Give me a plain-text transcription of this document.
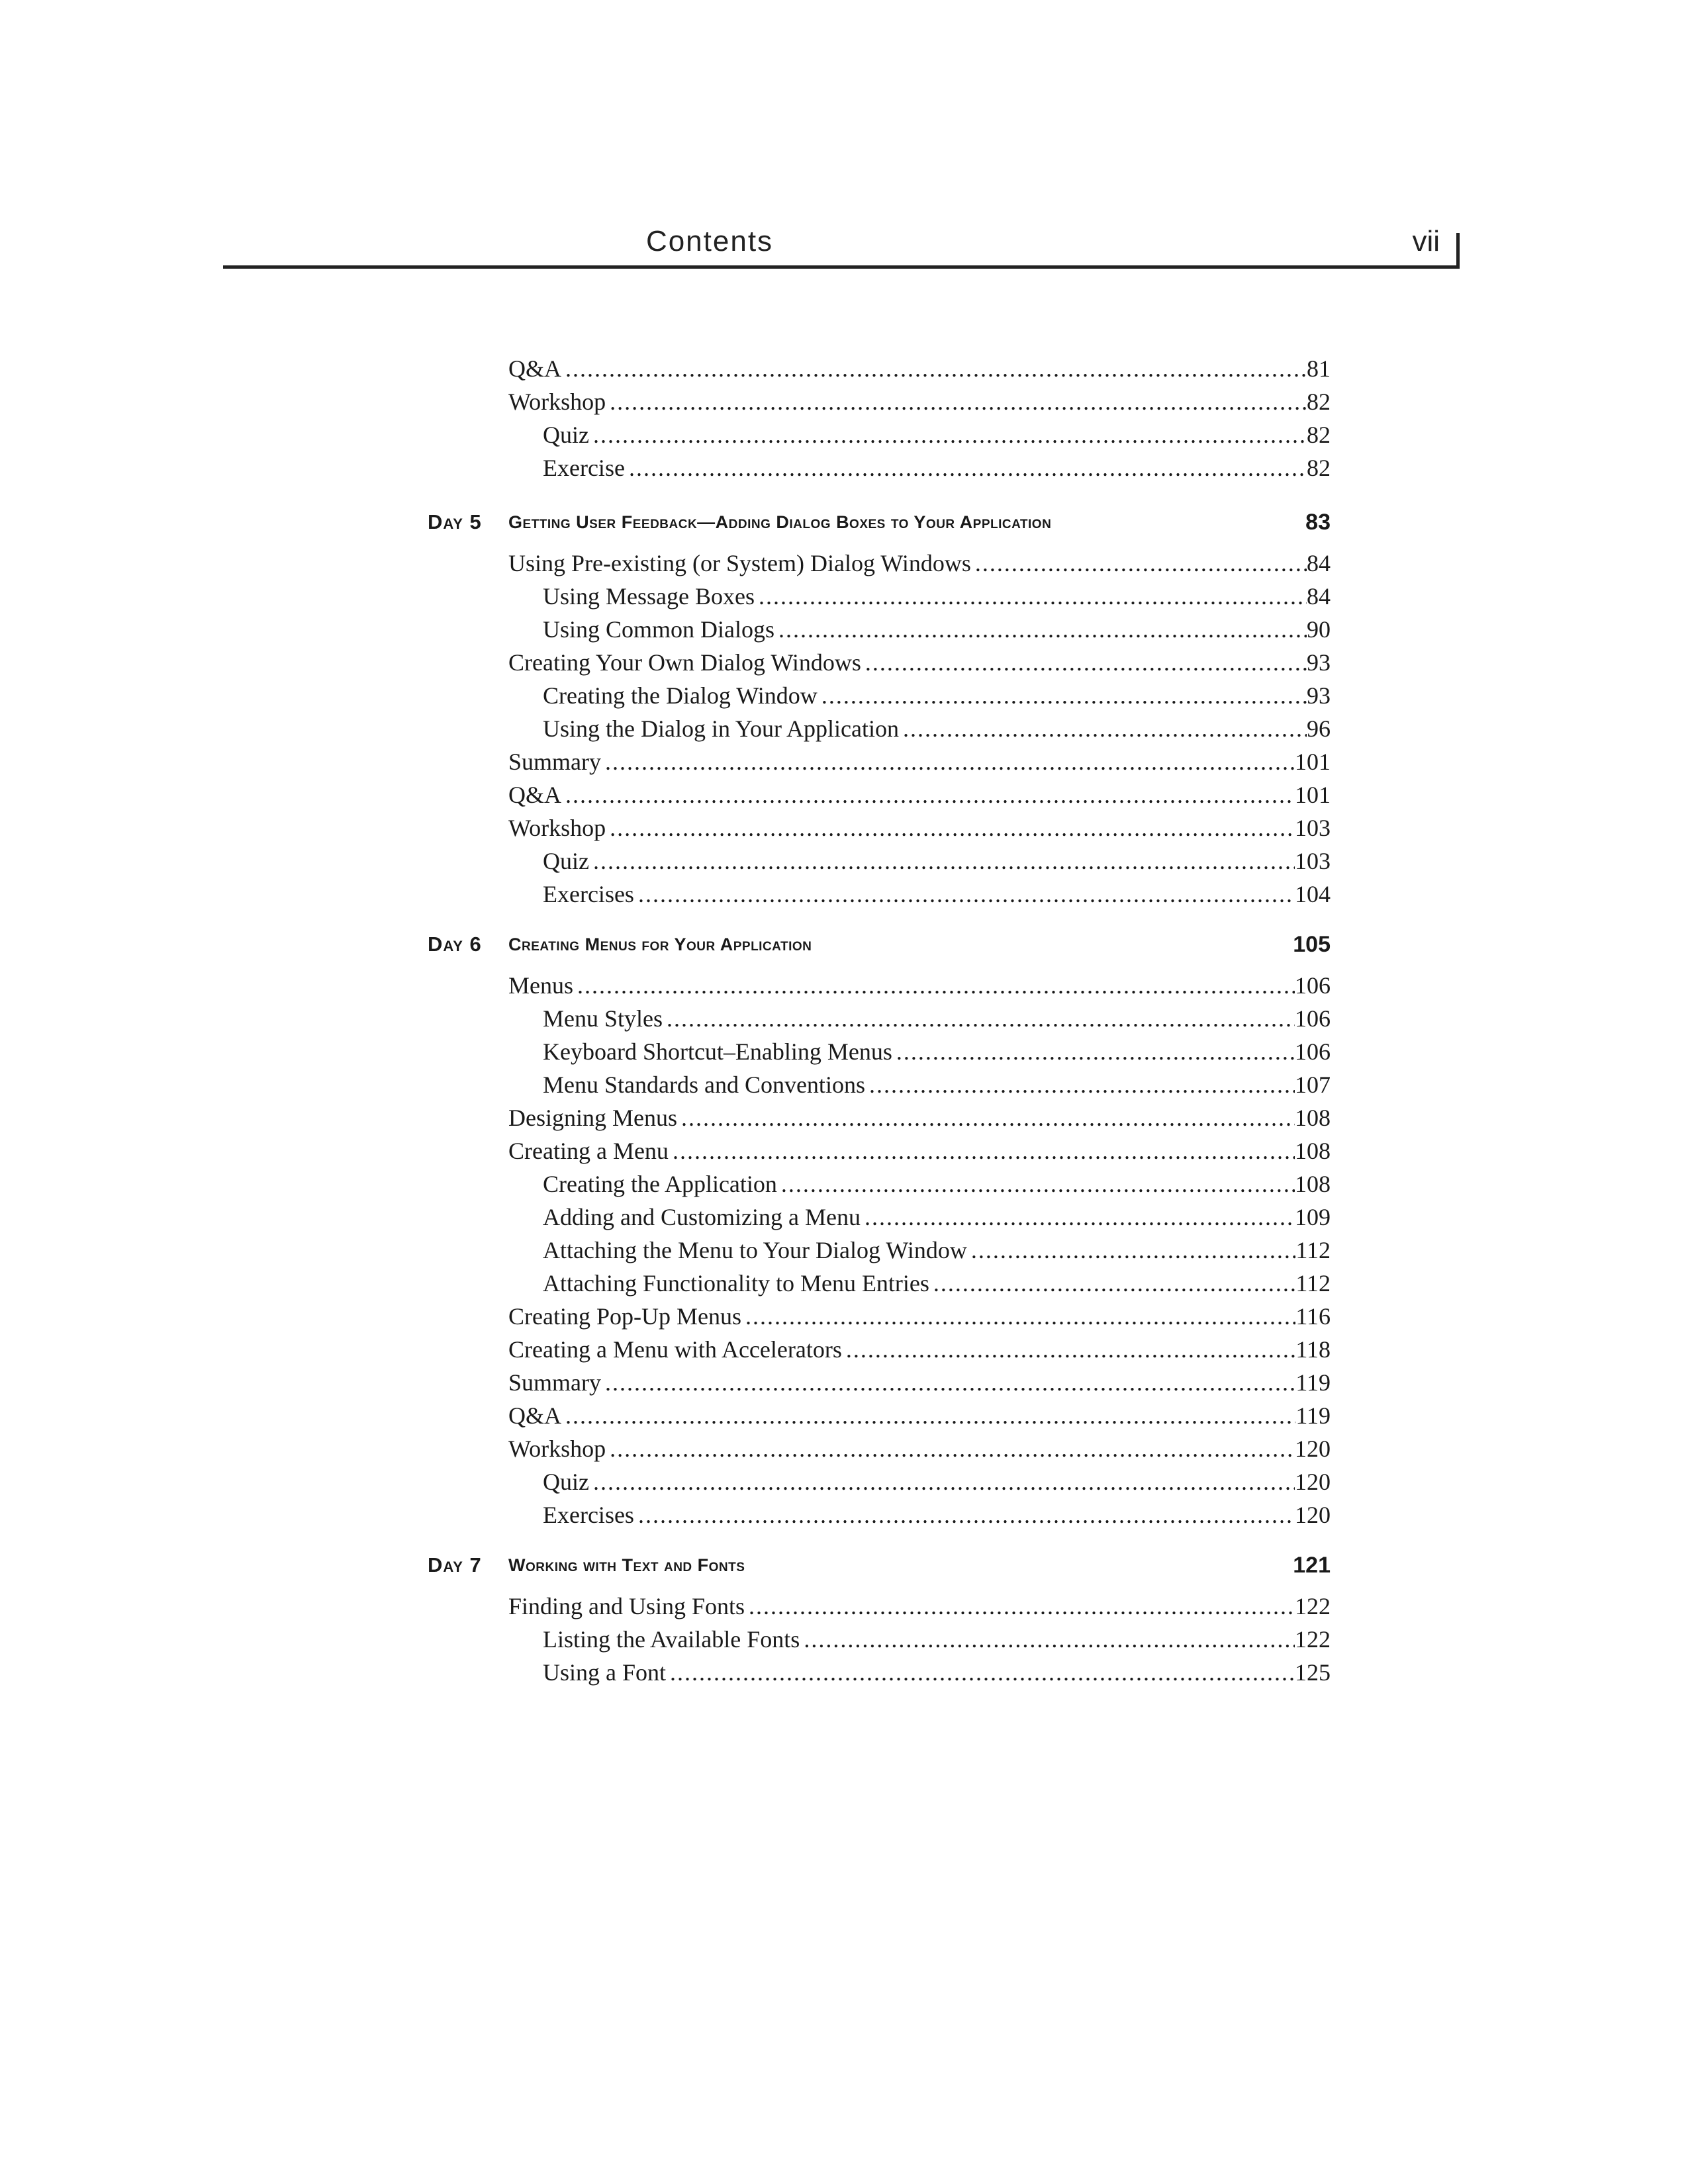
Contents	vii
Q&A .....	81
Workshop .....	82
Quiz .....	82
Exercise .....	82
Day 5 Getting User Feedback—Adding Dialog Boxes to Your Application	83
Using Pre-existing (or System) Dialog Windows .....	84
Using Message Boxes .....	84
Using Common Dialogs .....	90
Creating Your Own Dialog Windows .....	93
Creating the Dialog Window .....	93
Using the Dialog in Your Application .....	96
Summary .....	101
Q&A .....	101
Workshop .....	103
Quiz .....	103
Exercises .....	104
Day 6 Creating Menus for Your Application	105
Menus .....	106
Menu Styles .....	106
Keyboard Shortcut–Enabling Menus .....	106
Menu Standards and Conventions .....	107
Designing Menus .....	108
Creating a Menu .....	108
Creating the Application .....	108
Adding and Customizing a Menu .....	109
Attaching the Menu to Your Dialog Window .....	112
Attaching Functionality to Menu Entries .....	112
Creating Pop-Up Menus .....	116
Creating a Menu with Accelerators .....	118
Summary .....	119
Q&A .....	119
Workshop .....	120
Quiz .....	120
Exercises .....	120
Day 7 Working with Text and Fonts	121
Finding and Using Fonts .....	122
Listing the Available Fonts .....	122
Using a Font .....	125
